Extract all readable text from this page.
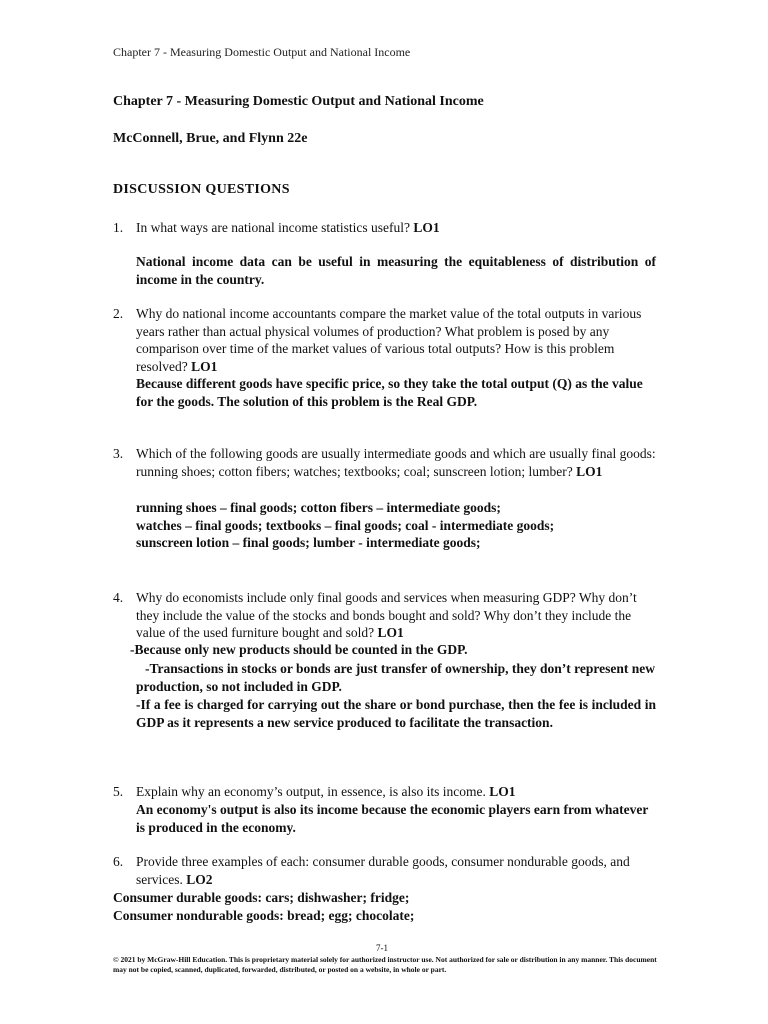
Chapter 7 - Measuring Domestic Output and National Income
Chapter 7 - Measuring Domestic Output and National Income
McConnell, Brue, and Flynn 22e
DISCUSSION QUESTIONS
1. In what ways are national income statistics useful? LO1
National income data can be useful in measuring the equitableness of distribution of income in the country.
2. Why do national income accountants compare the market value of the total outputs in various years rather than actual physical volumes of production? What problem is posed by any comparison over time of the market values of various total outputs? How is this problem resolved? LO1
Because different goods have specific price, so they take the total output (Q) as the value for the goods. The solution of this problem is the Real GDP.
3. Which of the following goods are usually intermediate goods and which are usually final goods: running shoes; cotton fibers; watches; textbooks; coal; sunscreen lotion; lumber? LO1
running shoes – final goods; cotton fibers – intermediate goods;
watches – final goods; textbooks – final goods; coal - intermediate goods;
sunscreen lotion – final goods; lumber - intermediate goods;
4. Why do economists include only final goods and services when measuring GDP? Why don’t they include the value of the stocks and bonds bought and sold? Why don’t they include the value of the used furniture bought and sold? LO1
-Because only new products should be counted in the GDP.
-Transactions in stocks or bonds are just transfer of ownership, they don’t represent new production, so not included in GDP.
-If a fee is charged for carrying out the share or bond purchase, then the fee is included in GDP as it represents a new service produced to facilitate the transaction.
5. Explain why an economy’s output, in essence, is also its income. LO1
An economy's output is also its income because the economic players earn from whatever is produced in the economy.
6. Provide three examples of each: consumer durable goods, consumer nondurable goods, and services. LO2
Consumer durable goods: cars; dishwasher; fridge;
Consumer nondurable goods: bread; egg; chocolate;
7-1
© 2021 by McGraw-Hill Education. This is proprietary material solely for authorized instructor use. Not authorized for sale or distribution in any manner. This document may not be copied, scanned, duplicated, forwarded, distributed, or posted on a website, in whole or part.
